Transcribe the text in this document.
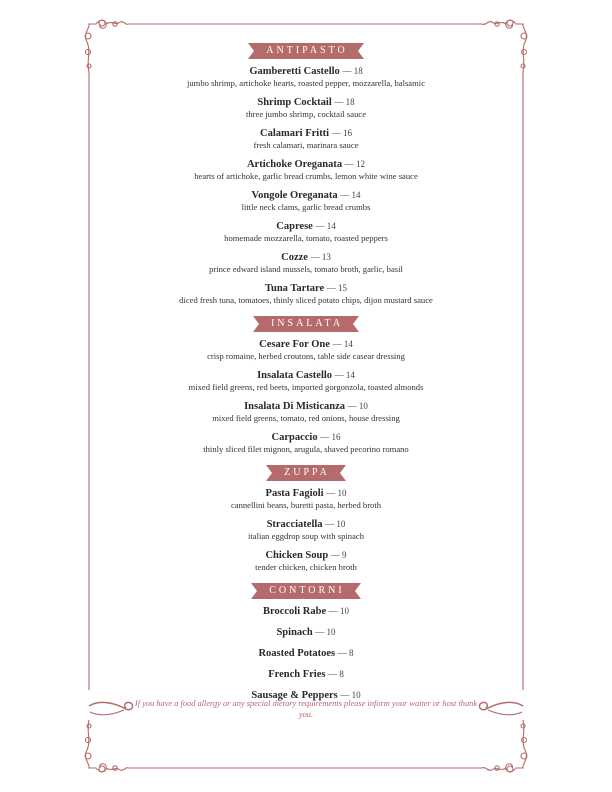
ANTIPASTO
Gamberetti Castello — 18
jumbo shrimp, artichoke hearts, roasted pepper, mozzarella, balsamic
Shrimp Cocktail — 18
three jumbo shrimp, cocktail sauce
Calamari Fritti — 16
fresh calamari, marinara sauce
Artichoke Oreganata — 12
hearts of artichoke, garlic bread crumbs, lemon white wine sauce
Vongole Oreganata — 14
little neck clams, garlic bread crumbs
Caprese — 14
homemade mozzarella, tomato, roasted peppers
Cozze — 13
prince edward island mussels, tomato broth, garlic, basil
Tuna Tartare — 15
diced fresh tuna, tomatoes, thinly sliced potato chips, dijon mustard sauce
INSALATA
Cesare For One — 14
crisp romaine, herbed croutons, table side casear dressing
Insalata Castello — 14
mixed field greens, red beets, imported gorgonzola, toasted almonds
Insalata Di Misticanza — 10
mixed field greens, tomato, red onions, house dressing
Carpaccio — 16
thinly sliced filet mignon, arugula, shaved pecorino romano
ZUPPA
Pasta Fagioli — 10
cannellini beans, buretti pasta, herbed broth
Stracciatella — 10
italian eggdrop soup with spinach
Chicken Soup — 9
tender chicken, chicken broth
CONTORNI
Broccoli Rabe — 10
Spinach — 10
Roasted Potatoes — 8
French Fries — 8
Sausage & Peppers — 10
If you have a food allergy or any special dietary requirements please inform your waiter or host thank you.
